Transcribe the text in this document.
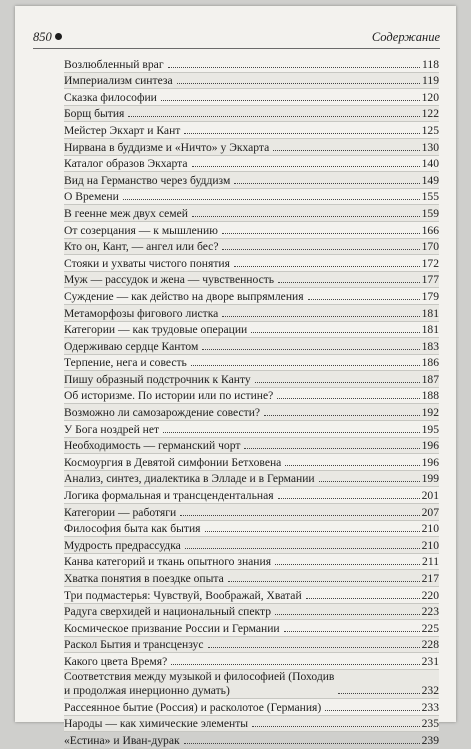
850	Содержание
Возлюбленный враг	118
Империализм синтеза	119
Сказка философии	120
Борщ бытия	122
Мейстер Экхарт и Кант	125
Нирвана в буддизме и «Ничто» у Экхарта	130
Каталог образов Экхарта	140
Вид на Германство через буддизм	149
О Времени	155
В геенне меж двух семей	159
От созерцания — к мышлению	166
Кто он, Кант, — ангел или бес?	170
Стояки и ухваты чистого понятия	172
Муж — рассудок и жена — чувственность	177
Суждение — как действо на дворе выпрямления	179
Метаморфозы фигового листка	181
Категории — как трудовые операции	181
Одерживаю сердце Кантом	183
Терпение, нега и совесть	186
Пишу образный подстрочник к Канту	187
Об историзме. По истории или по истине?	188
Возможно ли самозарождение совести?	192
У Бога ноздрей нет	195
Необходимость — германский чорт	196
Космоургия в Девятой симфонии Бетховена	196
Анализ, синтез, диалектика в Элладе и в Германии	199
Логика формальная и трансцендентальная	201
Категории — работяги	207
Философия быта как бытия	210
Мудрость предрассудка	210
Канва категорий и ткань опытного знания	211
Хватка понятия в поездке опыта	217
Три подмастерья: Чувствуй, Воображай, Хватай	220
Радуга сверхидей и национальный спектр	223
Космическое призвание России и Германии	225
Раскол Бытия и трансцензус	228
Какого цвета Время?	231
Соответствия между музыкой и философией (Походив
и продолжая инерционно думать)	232
Рассеянное бытие (Россия) и расколотое (Германия)	233
Народы — как химические элементы	235
«Естина» и Иван-дурак	239
